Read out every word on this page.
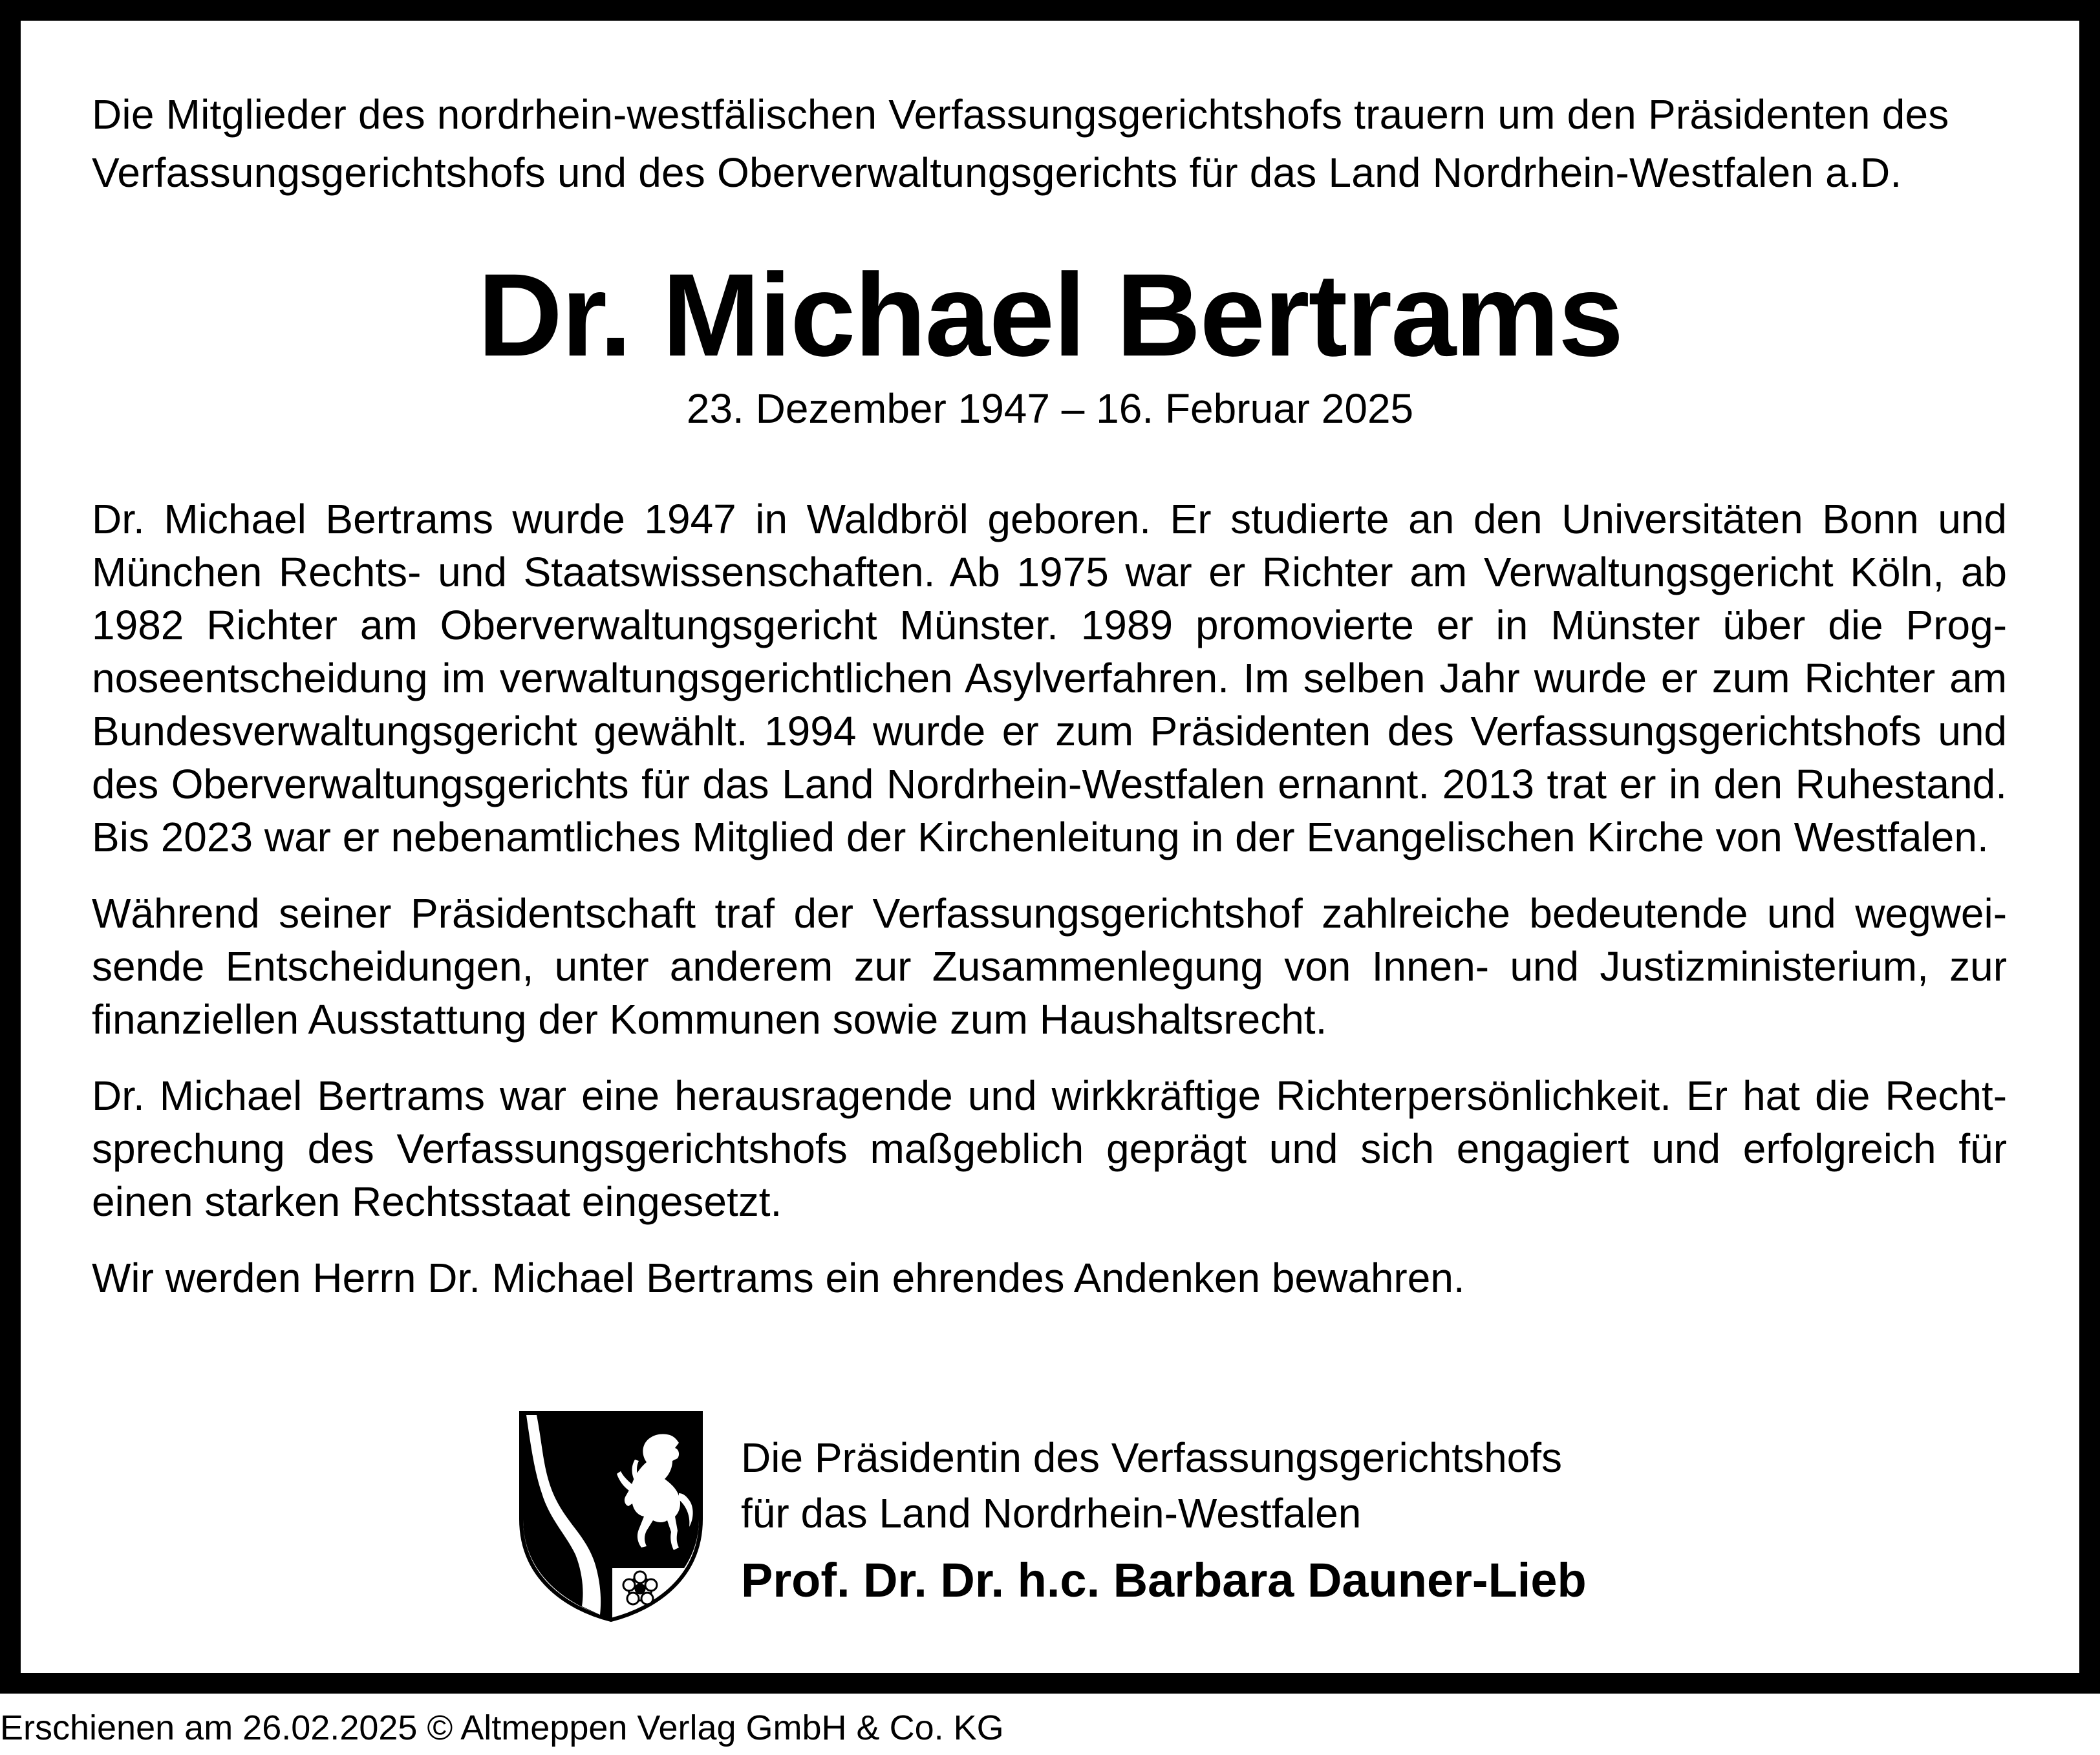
Die Mitglieder des nordrhein-westfälischen Verfassungsgerichtshofs trauern um den Präsidenten des

Verfassungsgerichtshofs und des Oberverwaltungsgerichts für das Land Nordrhein-Westfalen a.D.

Dr. Michael Bertrams
23. Dezember 1947 – 16. Februar 2025

Dr. Michael Bertrams wurde 1947 in Waldbröl geboren. Er studierte an den Universitäten Bonn und München Rechts- und Staatswissenschaften. Ab 1975 war er Richter am Verwaltungsgericht Köln, ab 1982 Richter am Oberverwaltungsgericht Münster. 1989 promovierte er in Münster über die Prognoseentscheidung im verwaltungsgerichtlichen Asylverfahren. Im selben Jahr wurde er zum Richter am Bundesverwaltungsgericht gewählt. 1994 wurde er zum Präsidenten des Verfassungsgerichtshofs und des Oberverwaltungsgerichts für das Land Nordrhein-Westfalen ernannt. 2013 trat er in den Ruhestand. Bis 2023 war er nebenamtliches Mitglied der Kirchenleitung in der Evangelischen Kirche von Westfalen.

Während seiner Präsidentschaft traf der Verfassungsgerichtshof zahlreiche bedeutende und wegweisende Entscheidungen, unter anderem zur Zusammenlegung von Innen- und Justizministerium, zur finanziellen Ausstattung der Kommunen sowie zum Haushaltsrecht.

Dr. Michael Bertrams war eine herausragende und wirkkräftige Richterpersönlichkeit. Er hat die Rechtsprechung des Verfassungsgerichtshofs maßgeblich geprägt und sich engagiert und erfolgreich für einen starken Rechtsstaat eingesetzt.

Wir werden Herrn Dr. Michael Bertrams ein ehrendes Andenken bewahren.

Die Präsidentin des Verfassungsgerichtshofs
für das Land Nordrhein-Westfalen
Prof. Dr. Dr. h.c. Barbara Dauner-Lieb
Erschienen am 26.02.2025 © Altmeppen Verlag GmbH & Co. KG
